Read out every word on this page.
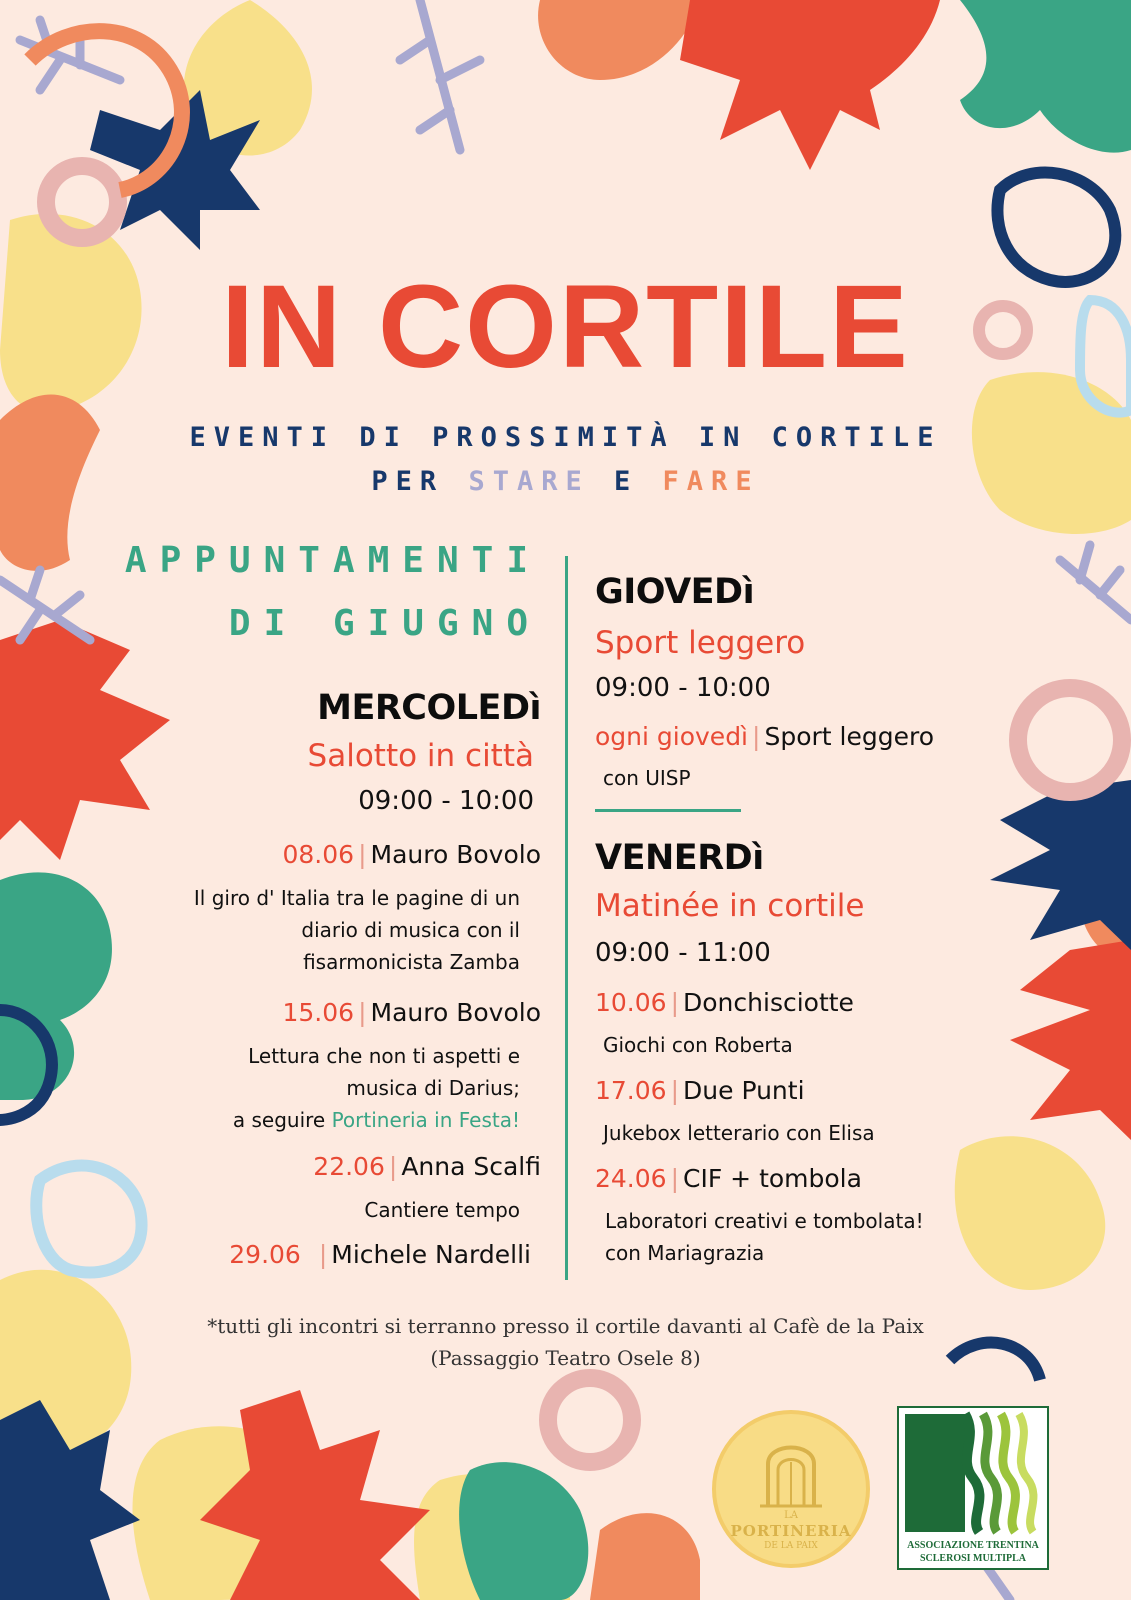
IN CORTILE
EVENTI DI PROSSIMITÀ IN CORTILE
PER STARE E FARE
APPUNTAMENTI
DI GIUGNO
MERCOLEDì
Salotto in città
09:00 - 10:00
08.06 | Mauro Bovolo
Il giro d' Italia tra le pagine di un
diario di musica con il
fisarmonicista Zamba
15.06 | Mauro Bovolo
Lettura che non ti aspetti e
musica di Darius;
a seguire Portineria in Festa!
22.06 | Anna Scalfi
Cantiere tempo
29.06 | Michele Nardelli
GIOVEDì
Sport leggero
09:00 - 10:00
ogni giovedì | Sport leggero
con UISP
VENERDì
Matinée in cortile
09:00 - 11:00
10.06 | Donchisciotte
Giochi con Roberta
17.06 | Due Punti
Jukebox letterario con Elisa
24.06 | CIF + tombola
Laboratori creativi e tombolata!
con Mariagrazia
*tutti gli incontri si terranno presso il cortile davanti al Cafè de la Paix
(Passaggio Teatro Osele 8)
LA
PORTINERIA
DE LA PAIX	ASSOCIAZIONE TRENTINA
SCLEROSI MULTIPLA
